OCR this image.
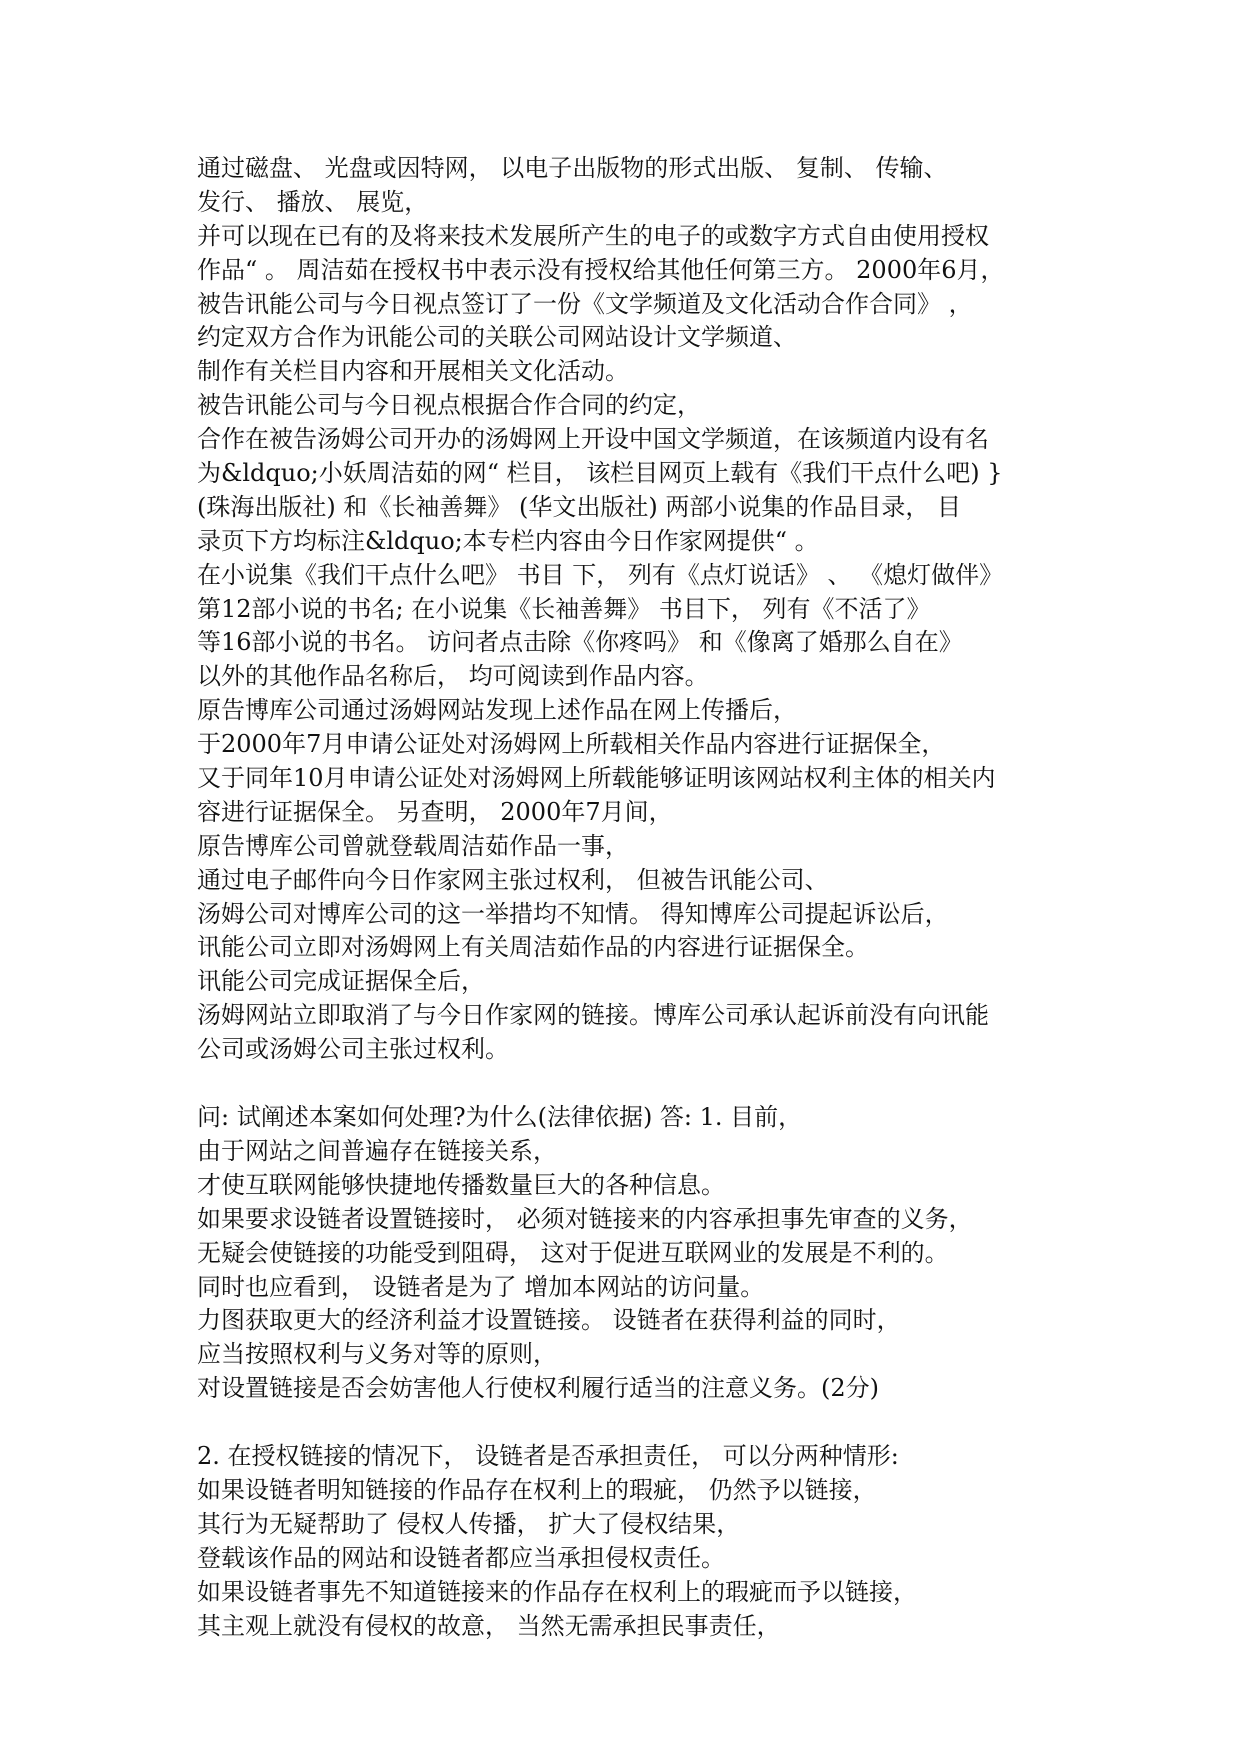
通过磁盘、 光盘或因特网， 以电子出版物的形式出版、 复制、 传输、
发行、 播放、 展览，
并可以现在已有的及将来技术发展所产生的电子的或数字方式自由使用授权
作品“ 。 周洁茹在授权书中表示没有授权给其他任何第三方。 2000年6月，
被告讯能公司与今日视点签订了一份《文学频道及文化活动合作合同》 ，
约定双方合作为讯能公司的关联公司网站设计文学频道、
制作有关栏目内容和开展相关文化活动。
被告讯能公司与今日视点根据合作合同的约定，
合作在被告汤姆公司开办的汤姆网上开设中国文学频道，在该频道内设有名
为&ldquo;小妖周洁茹的网“ 栏目， 该栏目网页上载有《我们干点什么吧) }
(珠海出版社) 和《长袖善舞》 (华文出版社) 两部小说集的作品目录， 目
录页下方均标注&ldquo;本专栏内容由今日作家网提供“ 。
在小说集《我们干点什么吧》 书目 下， 列有《点灯说话》 、 《熄灯做伴》
第12部小说的书名; 在小说集《长袖善舞》 书目下， 列有《不活了》
等16部小说的书名。 访问者点击除《你疼吗》 和《像离了婚那么自在》
以外的其他作品名称后， 均可阅读到作品内容。
原告博库公司通过汤姆网站发现上述作品在网上传播后，
于2000年7月申请公证处对汤姆网上所载相关作品内容进行证据保全，
又于同年10月申请公证处对汤姆网上所载能够证明该网站权利主体的相关内
容进行证据保全。 另查明， 2000年7月间，
原告博库公司曾就登载周洁茹作品一事，
通过电子邮件向今日作家网主张过权利， 但被告讯能公司、
汤姆公司对博库公司的这一举措均不知情。 得知博库公司提起诉讼后，
讯能公司立即对汤姆网上有关周洁茹作品的内容进行证据保全。
讯能公司完成证据保全后，
汤姆网站立即取消了与今日作家网的链接。博库公司承认起诉前没有向讯能
公司或汤姆公司主张过权利。
问: 试阐述本案如何处理?为什么(法律依据) 答: 1. 目前，
由于网站之间普遍存在链接关系，
才使互联网能够快捷地传播数量巨大的各种信息。
如果要求设链者设置链接时， 必须对链接来的内容承担事先审查的义务，
无疑会使链接的功能受到阻碍， 这对于促进互联网业的发展是不利的。
同时也应看到， 设链者是为了 增加本网站的访问量。
力图获取更大的经济利益才设置链接。 设链者在获得利益的同时，
应当按照权利与义务对等的原则，
对设置链接是否会妨害他人行使权利履行适当的注意义务。(2分)
2. 在授权链接的情况下， 设链者是否承担责任， 可以分两种情形:
如果设链者明知链接的作品存在权利上的瑕疵， 仍然予以链接，
其行为无疑帮助了 侵权人传播， 扩大了侵权结果，
登载该作品的网站和设链者都应当承担侵权责任。
如果设链者事先不知道链接来的作品存在权利上的瑕疵而予以链接，
其主观上就没有侵权的故意， 当然无需承担民事责任，
